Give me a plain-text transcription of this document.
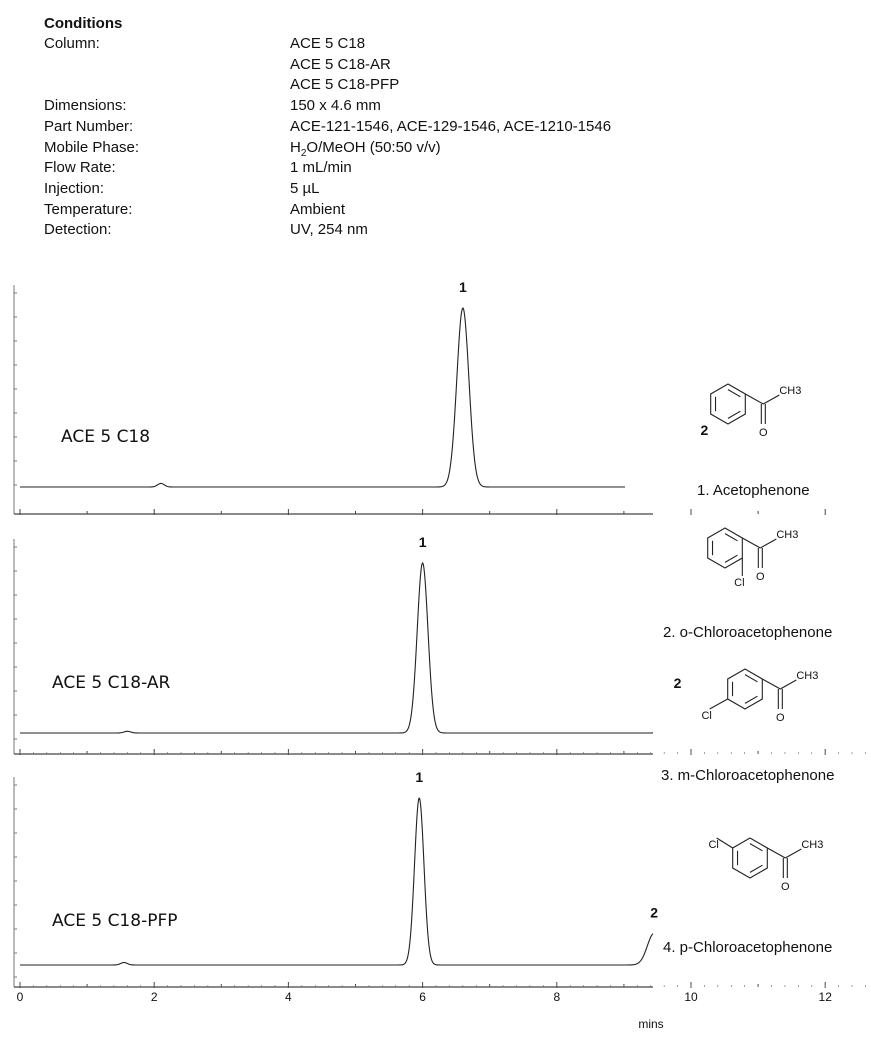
Conditions
Column:	ACE 5 C18
ACE 5 C18-AR
ACE 5 C18-PFP
Dimensions:	150 x 4.6 mm
Part Number:	ACE-121-1546, ACE-129-1546, ACE-1210-1546
Mobile Phase:	$H_2O$/MeOH (50:50 v/v)
Flow Rate:	1 mL/min
Injection:	5 µL
Temperature:	Ambient
Detection:	UV, 254 nm
ACE 5 C18
1
2
ACE 5 C18-AR
1
2
ACE 5 C18-PFP
1
2
0	2	4	6	8	10	12
mins
CH3
O
CH3
O
Cl
CH3
O
Cl
CH3
O
Cl
1. Acetophenone
2. o-Chloroacetophenone
3. m-Chloroacetophenone
4. p-Chloroacetophenone
